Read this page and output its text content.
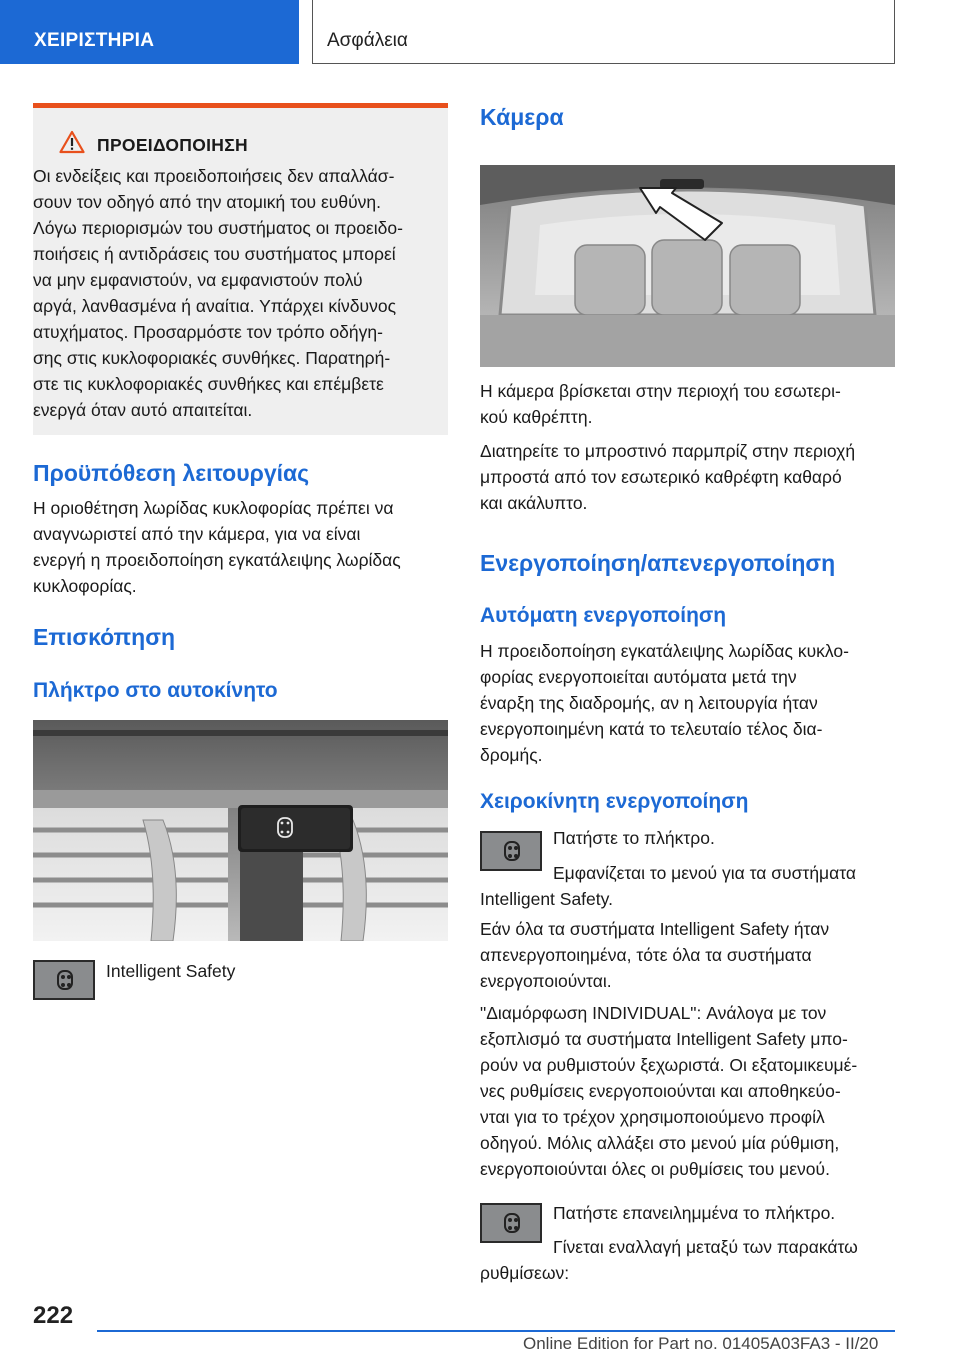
ΧΕΙΡΙΣΤΗΡΙΑ	Ασφάλεια
ΠΡΟΕΙΔΟΠΟΙΗΣΗ

Οι ενδείξεις και προειδοποιήσεις δεν απαλλάσ-

σουν τον οδηγό από την ατομική του ευθύνη.

Λόγω περιορισμών του συστήματος οι προειδο-

ποιήσεις ή αντιδράσεις του συστήματος μπορεί

να μην εμφανιστούν, να εμφανιστούν πολύ

αργά, λανθασμένα ή αναίτια. Υπάρχει κίνδυνος

ατυχήματος. Προσαρμόστε τον τρόπο οδήγη-

σης στις κυκλοφοριακές συνθήκες. Παρατηρή-

στε τις κυκλοφοριακές συνθήκες και επέμβετε

ενεργά όταν αυτό απαιτείται.

Προϋπόθεση λειτουργίας

Η οριοθέτηση λωρίδας κυκλοφορίας πρέπει να

αναγνωριστεί από την κάμερα, για να είναι

ενεργή η προειδοποίηση εγκατάλειψης λωρίδας

κυκλοφορίας.

Επισκόπηση
Πλήκτρο στο αυτοκίνητο

Intelligent Safety

Κάμερα

Η κάμερα βρίσκεται στην περιοχή του εσωτερι-

κού καθρέπτη.

Διατηρείτε το μπροστινό παρμπρίζ στην περιοχή

μπροστά από τον εσωτερικό καθρέφτη καθαρό

και ακάλυπτο.

Ενεργοποίηση/απενεργοποίηση
Αυτόματη ενεργοποίηση

Η προειδοποίηση εγκατάλειψης λωρίδας κυκλο-

φορίας ενεργοποιείται αυτόματα μετά την

έναρξη της διαδρομής, αν η λειτουργία ήταν

ενεργοποιημένη κατά το τελευταίο τέλος δια-

δρομής.

Χειροκίνητη ενεργοποίηση

Πατήστε το πλήκτρο.

Εμφανίζεται το μενού για τα συστήματα

Intelligent Safety.

Εάν όλα τα συστήματα Intelligent Safety ήταν

απενεργοποιημένα, τότε όλα τα συστήματα

ενεργοποιούνται.

"Διαμόρφωση INDIVIDUAL": Ανάλογα με τον

εξοπλισμό τα συστήματα Intelligent Safety μπο-

ρούν να ρυθμιστούν ξεχωριστά. Οι εξατομικευμέ-

νες ρυθμίσεις ενεργοποιούνται και αποθηκεύο-

νται για το τρέχον χρησιμοποιούμενο προφίλ

οδηγού. Μόλις αλλάξει στο μενού μία ρύθμιση,

ενεργοποιούνται όλες οι ρυθμίσεις του μενού.

Πατήστε επανειλημμένα το πλήκτρο.

Γίνεται εναλλαγή μεταξύ των παρακάτω

ρυθμίσεων:

222
Online Edition for Part no. 01405A03FA3 - II/20
